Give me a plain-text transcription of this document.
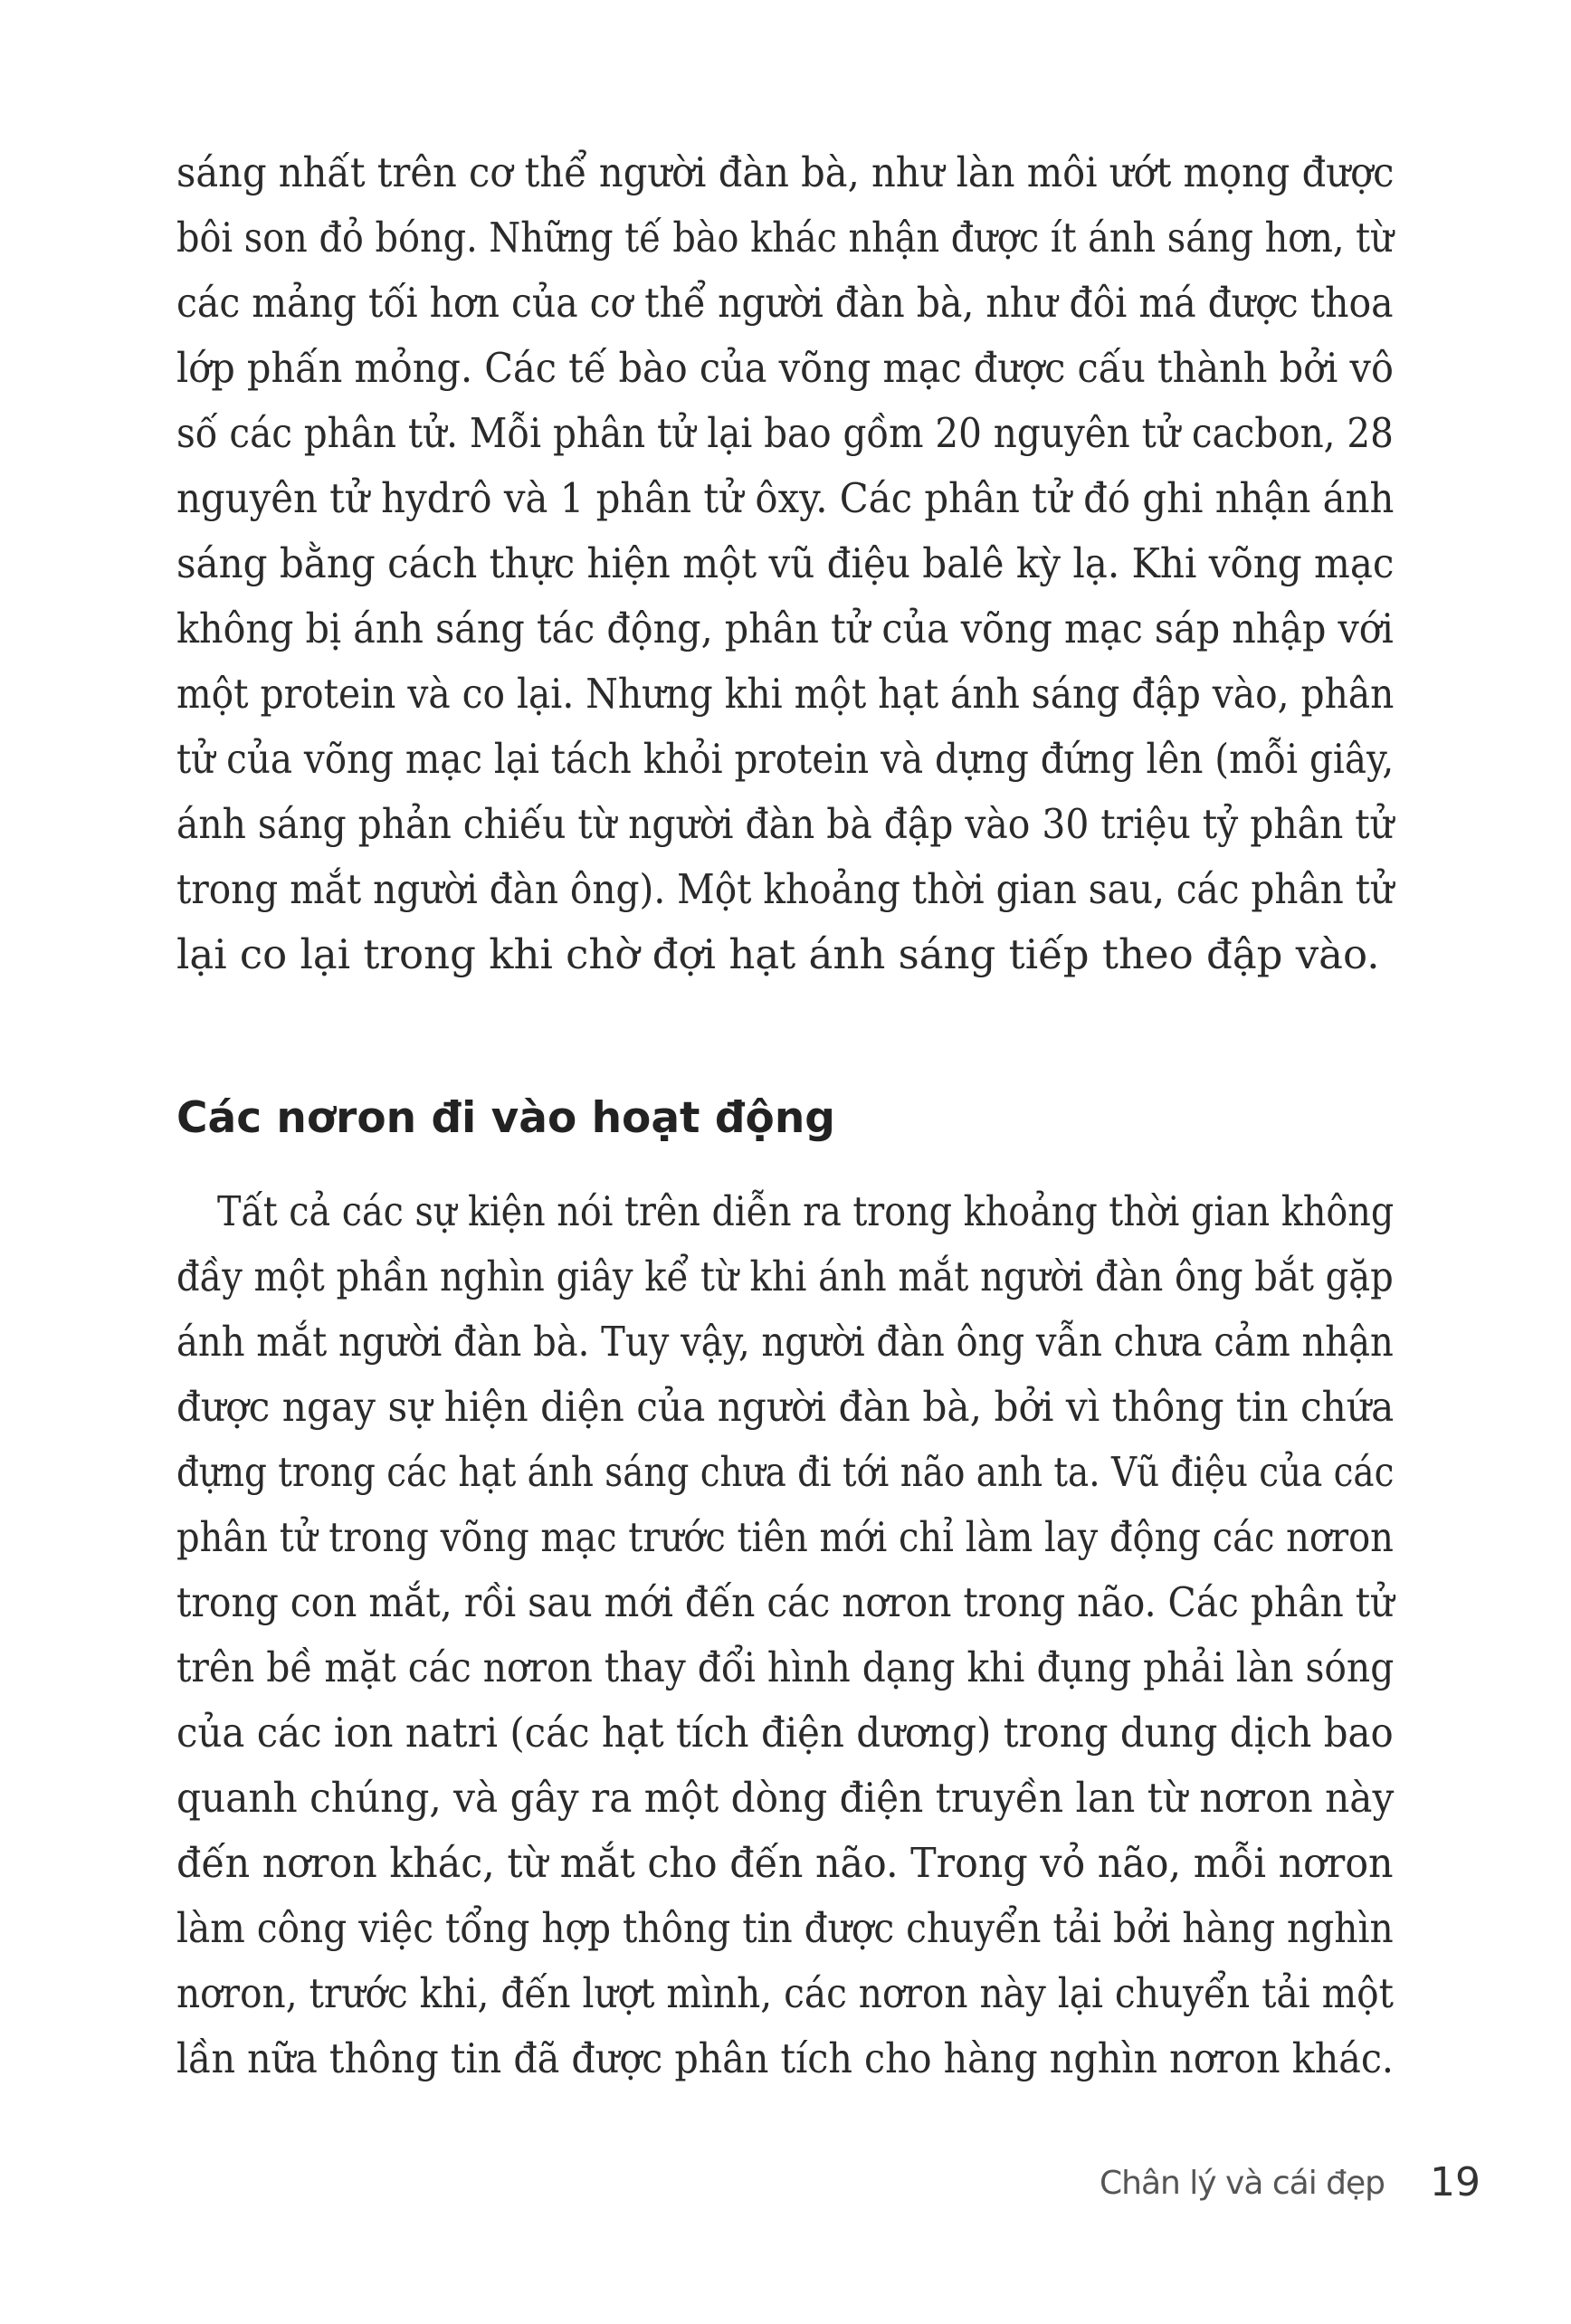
sáng nhất trên cơ thể người đàn bà, như làn môi ướt mọng được

bôi son đỏ bóng. Những tế bào khác nhận được ít ánh sáng hơn, từ

các mảng tối hơn của cơ thể người đàn bà, như đôi má được thoa

lớp phấn mỏng. Các tế bào của võng mạc được cấu thành bởi vô

số các phân tử. Mỗi phân tử lại bao gồm 20 nguyên tử cacbon, 28

nguyên tử hydrô và 1 phân tử ôxy. Các phân tử đó ghi nhận ánh

sáng bằng cách thực hiện một vũ điệu balê kỳ lạ. Khi võng mạc

không bị ánh sáng tác động, phân tử của võng mạc sáp nhập với

một protein và co lại. Nhưng khi một hạt ánh sáng đập vào, phân

tử của võng mạc lại tách khỏi protein và dựng đứng lên (mỗi giây,

ánh sáng phản chiếu từ người đàn bà đập vào 30 triệu tỷ phân tử

trong mắt người đàn ông). Một khoảng thời gian sau, các phân tử

lại co lại trong khi chờ đợi hạt ánh sáng tiếp theo đập vào.

Các nơron đi vào hoạt động

Tất cả các sự kiện nói trên diễn ra trong khoảng thời gian không

đầy một phần nghìn giây kể từ khi ánh mắt người đàn ông bắt gặp

ánh mắt người đàn bà. Tuy vậy, người đàn ông vẫn chưa cảm nhận

được ngay sự hiện diện của người đàn bà, bởi vì thông tin chứa

đựng trong các hạt ánh sáng chưa đi tới não anh ta. Vũ điệu của các

phân tử trong võng mạc trước tiên mới chỉ làm lay động các nơron

trong con mắt, rồi sau mới đến các nơron trong não. Các phân tử

trên bề mặt các nơron thay đổi hình dạng khi đụng phải làn sóng

của các ion natri (các hạt tích điện dương) trong dung dịch bao

quanh chúng, và gây ra một dòng điện truyền lan từ nơron này

đến nơron khác, từ mắt cho đến não. Trong vỏ não, mỗi nơron

làm công việc tổng hợp thông tin được chuyển tải bởi hàng nghìn

nơron, trước khi, đến lượt mình, các nơron này lại chuyển tải một

lần nữa thông tin đã được phân tích cho hàng nghìn nơron khác.

Chân lý và cái đẹp 19
